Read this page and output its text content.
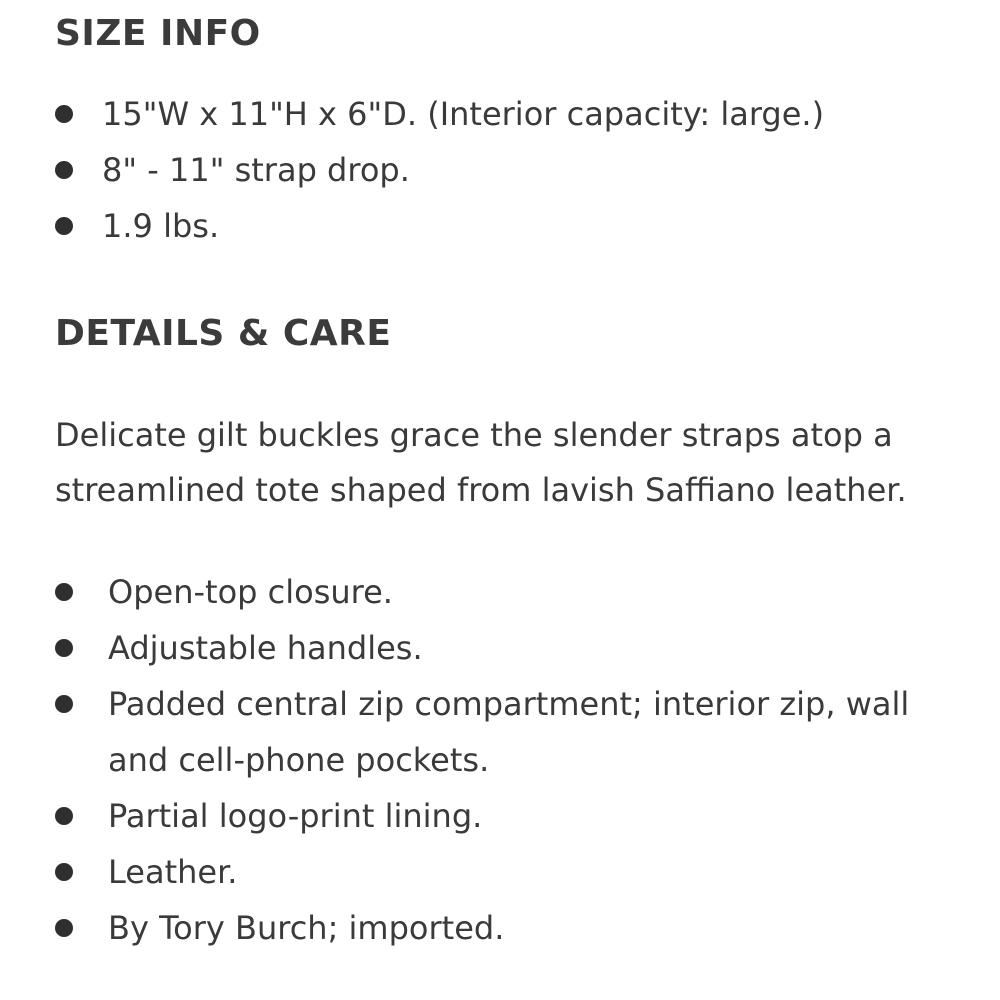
SIZE INFO
15"W x 11"H x 6"D. (Interior capacity: large.)
8" - 11" strap drop.
1.9 lbs.
DETAILS & CARE

Delicate gilt buckles grace the slender straps atop a streamlined tote shaped from lavish Saffiano leather.

Open-top closure.
Adjustable handles.
Padded central zip compartment; interior zip, wall and cell-phone pockets.
Partial logo-print lining.
Leather.
By Tory Burch; imported.
